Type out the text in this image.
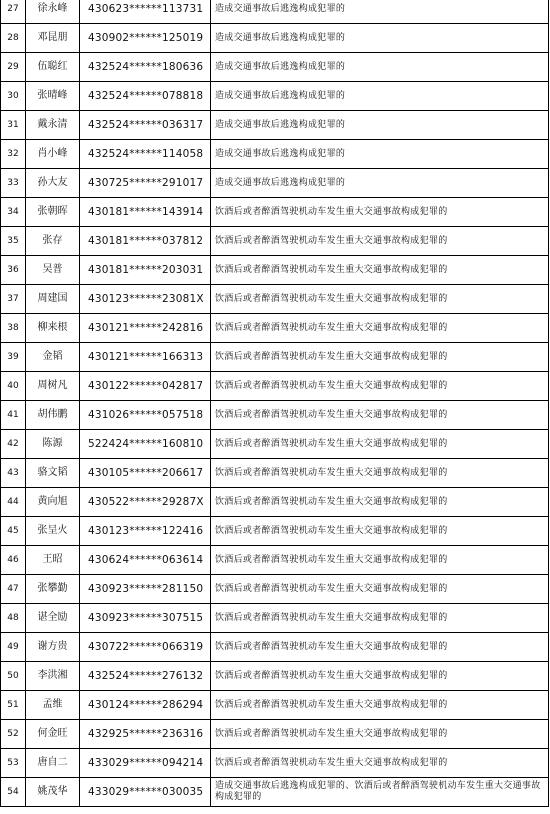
27	徐永峰	430623******113731	造成交通事故后逃逸构成犯罪的
28	邓昆朋	430902******125019	造成交通事故后逃逸构成犯罪的
29	伍聪红	432524******180636	造成交通事故后逃逸构成犯罪的
30	张晴峰	432524******078818	造成交通事故后逃逸构成犯罪的
31	戴永清	432524******036317	造成交通事故后逃逸构成犯罪的
32	肖小峰	432524******114058	造成交通事故后逃逸构成犯罪的
33	孙大友	430725******291017	造成交通事故后逃逸构成犯罪的
34	张朝晖	430181******143914	饮酒后或者醉酒驾驶机动车发生重大交通事故构成犯罪的
35	张存	430181******037812	饮酒后或者醉酒驾驶机动车发生重大交通事故构成犯罪的
36	吴普	430181******203031	饮酒后或者醉酒驾驶机动车发生重大交通事故构成犯罪的
37	周建国	430123******23081X	饮酒后或者醉酒驾驶机动车发生重大交通事故构成犯罪的
38	柳来根	430121******242816	饮酒后或者醉酒驾驶机动车发生重大交通事故构成犯罪的
39	金韬	430121******166313	饮酒后或者醉酒驾驶机动车发生重大交通事故构成犯罪的
40	周树凡	430122******042817	饮酒后或者醉酒驾驶机动车发生重大交通事故构成犯罪的
41	胡伟鹏	431026******057518	饮酒后或者醉酒驾驶机动车发生重大交通事故构成犯罪的
42	陈源	522424******160810	饮酒后或者醉酒驾驶机动车发生重大交通事故构成犯罪的
43	骆文韬	430105******206617	饮酒后或者醉酒驾驶机动车发生重大交通事故构成犯罪的
44	黄向旭	430522******29287X	饮酒后或者醉酒驾驶机动车发生重大交通事故构成犯罪的
45	张呈火	430123******122416	饮酒后或者醉酒驾驶机动车发生重大交通事故构成犯罪的
46	王昭	430624******063614	饮酒后或者醉酒驾驶机动车发生重大交通事故构成犯罪的
47	张攀勤	430923******281150	饮酒后或者醉酒驾驶机动车发生重大交通事故构成犯罪的
48	谌全励	430923******307515	饮酒后或者醉酒驾驶机动车发生重大交通事故构成犯罪的
49	谢方贵	430722******066319	饮酒后或者醉酒驾驶机动车发生重大交通事故构成犯罪的
50	李洪湘	432524******276132	饮酒后或者醉酒驾驶机动车发生重大交通事故构成犯罪的
51	孟维	430124******286294	饮酒后或者醉酒驾驶机动车发生重大交通事故构成犯罪的
52	何金旺	432925******236316	饮酒后或者醉酒驾驶机动车发生重大交通事故构成犯罪的
53	唐自二	433029******094214	饮酒后或者醉酒驾驶机动车发生重大交通事故构成犯罪的
54	姚茂华	433029******030035	造成交通事故后逃逸构成犯罪的、饮酒后或者醉酒驾驶机动车发生重大交通事故构成犯罪的
